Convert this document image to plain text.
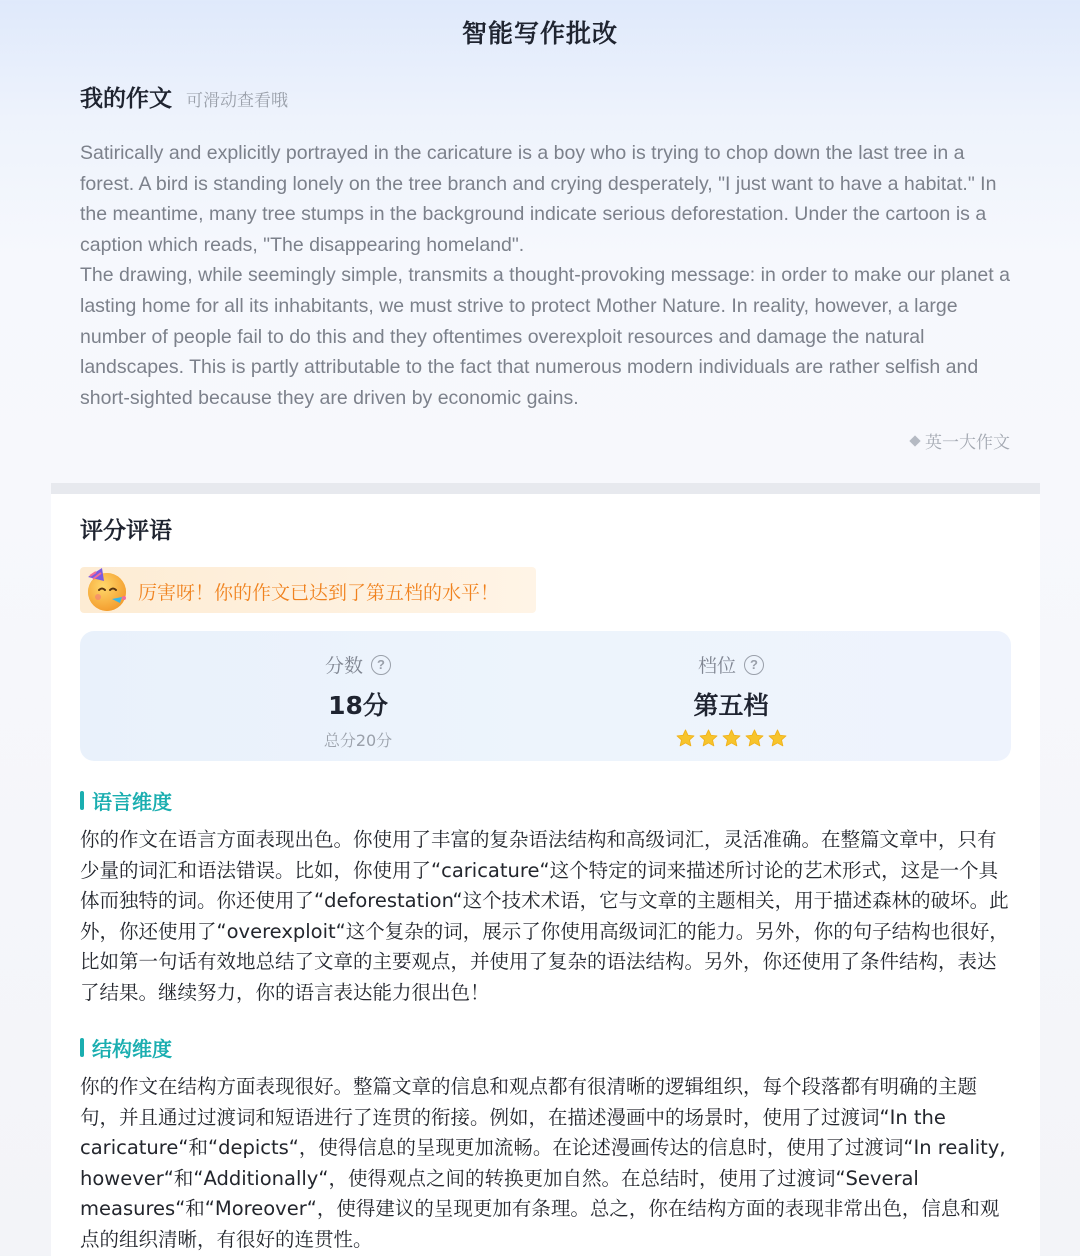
智能写作批改
我的作文 可滑动查看哦

Satirically and explicitly portrayed in the caricature is a boy who is trying to chop down the last tree in a forest. A bird is standing lonely on the tree branch and crying desperately, "I just want to have a habitat." In the meantime, many tree stumps in the background indicate serious deforestation. Under the cartoon is a caption which reads, "The disappearing homeland".

The drawing, while seemingly simple, transmits a thought-provoking message: in order to make our planet a lasting home for all its inhabitants, we must strive to protect Mother Nature. In reality, however, a large number of people fail to do this and they oftentimes overexploit resources and damage the natural landscapes. This is partly attributable to the fact that numerous modern individuals are rather selfish and short-sighted because they are driven by economic gains.

英一大作文
评分评语
厉害呀！你的作文已达到了第五档的水平！
分数	?
18分
总分20分
档位	?
第五档
语言维度
你的作文在语言方面表现出色。你使用了丰富的复杂语法结构和高级词汇，灵活准确。在整篇文章中，只有少量的词汇和语法错误。比如，你使用了“caricature“这个特定的词来描述所讨论的艺术形式，这是一个具体而独特的词。你还使用了“deforestation“这个技术术语，它与文章的主题相关，用于描述森林的破坏。此外，你还使用了“overexploit“这个复杂的词，展示了你使用高级词汇的能力。另外，你的句子结构也很好，比如第一句话有效地总结了文章的主要观点，并使用了复杂的语法结构。另外，你还使用了条件结构，表达了结果。继续努力，你的语言表达能力很出色！
结构维度
你的作文在结构方面表现很好。整篇文章的信息和观点都有很清晰的逻辑组织，每个段落都有明确的主题句，并且通过过渡词和短语进行了连贯的衔接。例如，在描述漫画中的场景时，使用了过渡词“In the caricature“和“depicts“，使得信息的呈现更加流畅。在论述漫画传达的信息时，使用了过渡词“In reality, however“和“Additionally“，使得观点之间的转换更加自然。在总结时，使用了过渡词“Several measures“和“Moreover“，使得建议的呈现更加有条理。总之，你在结构方面的表现非常出色，信息和观点的组织清晰，有很好的连贯性。
